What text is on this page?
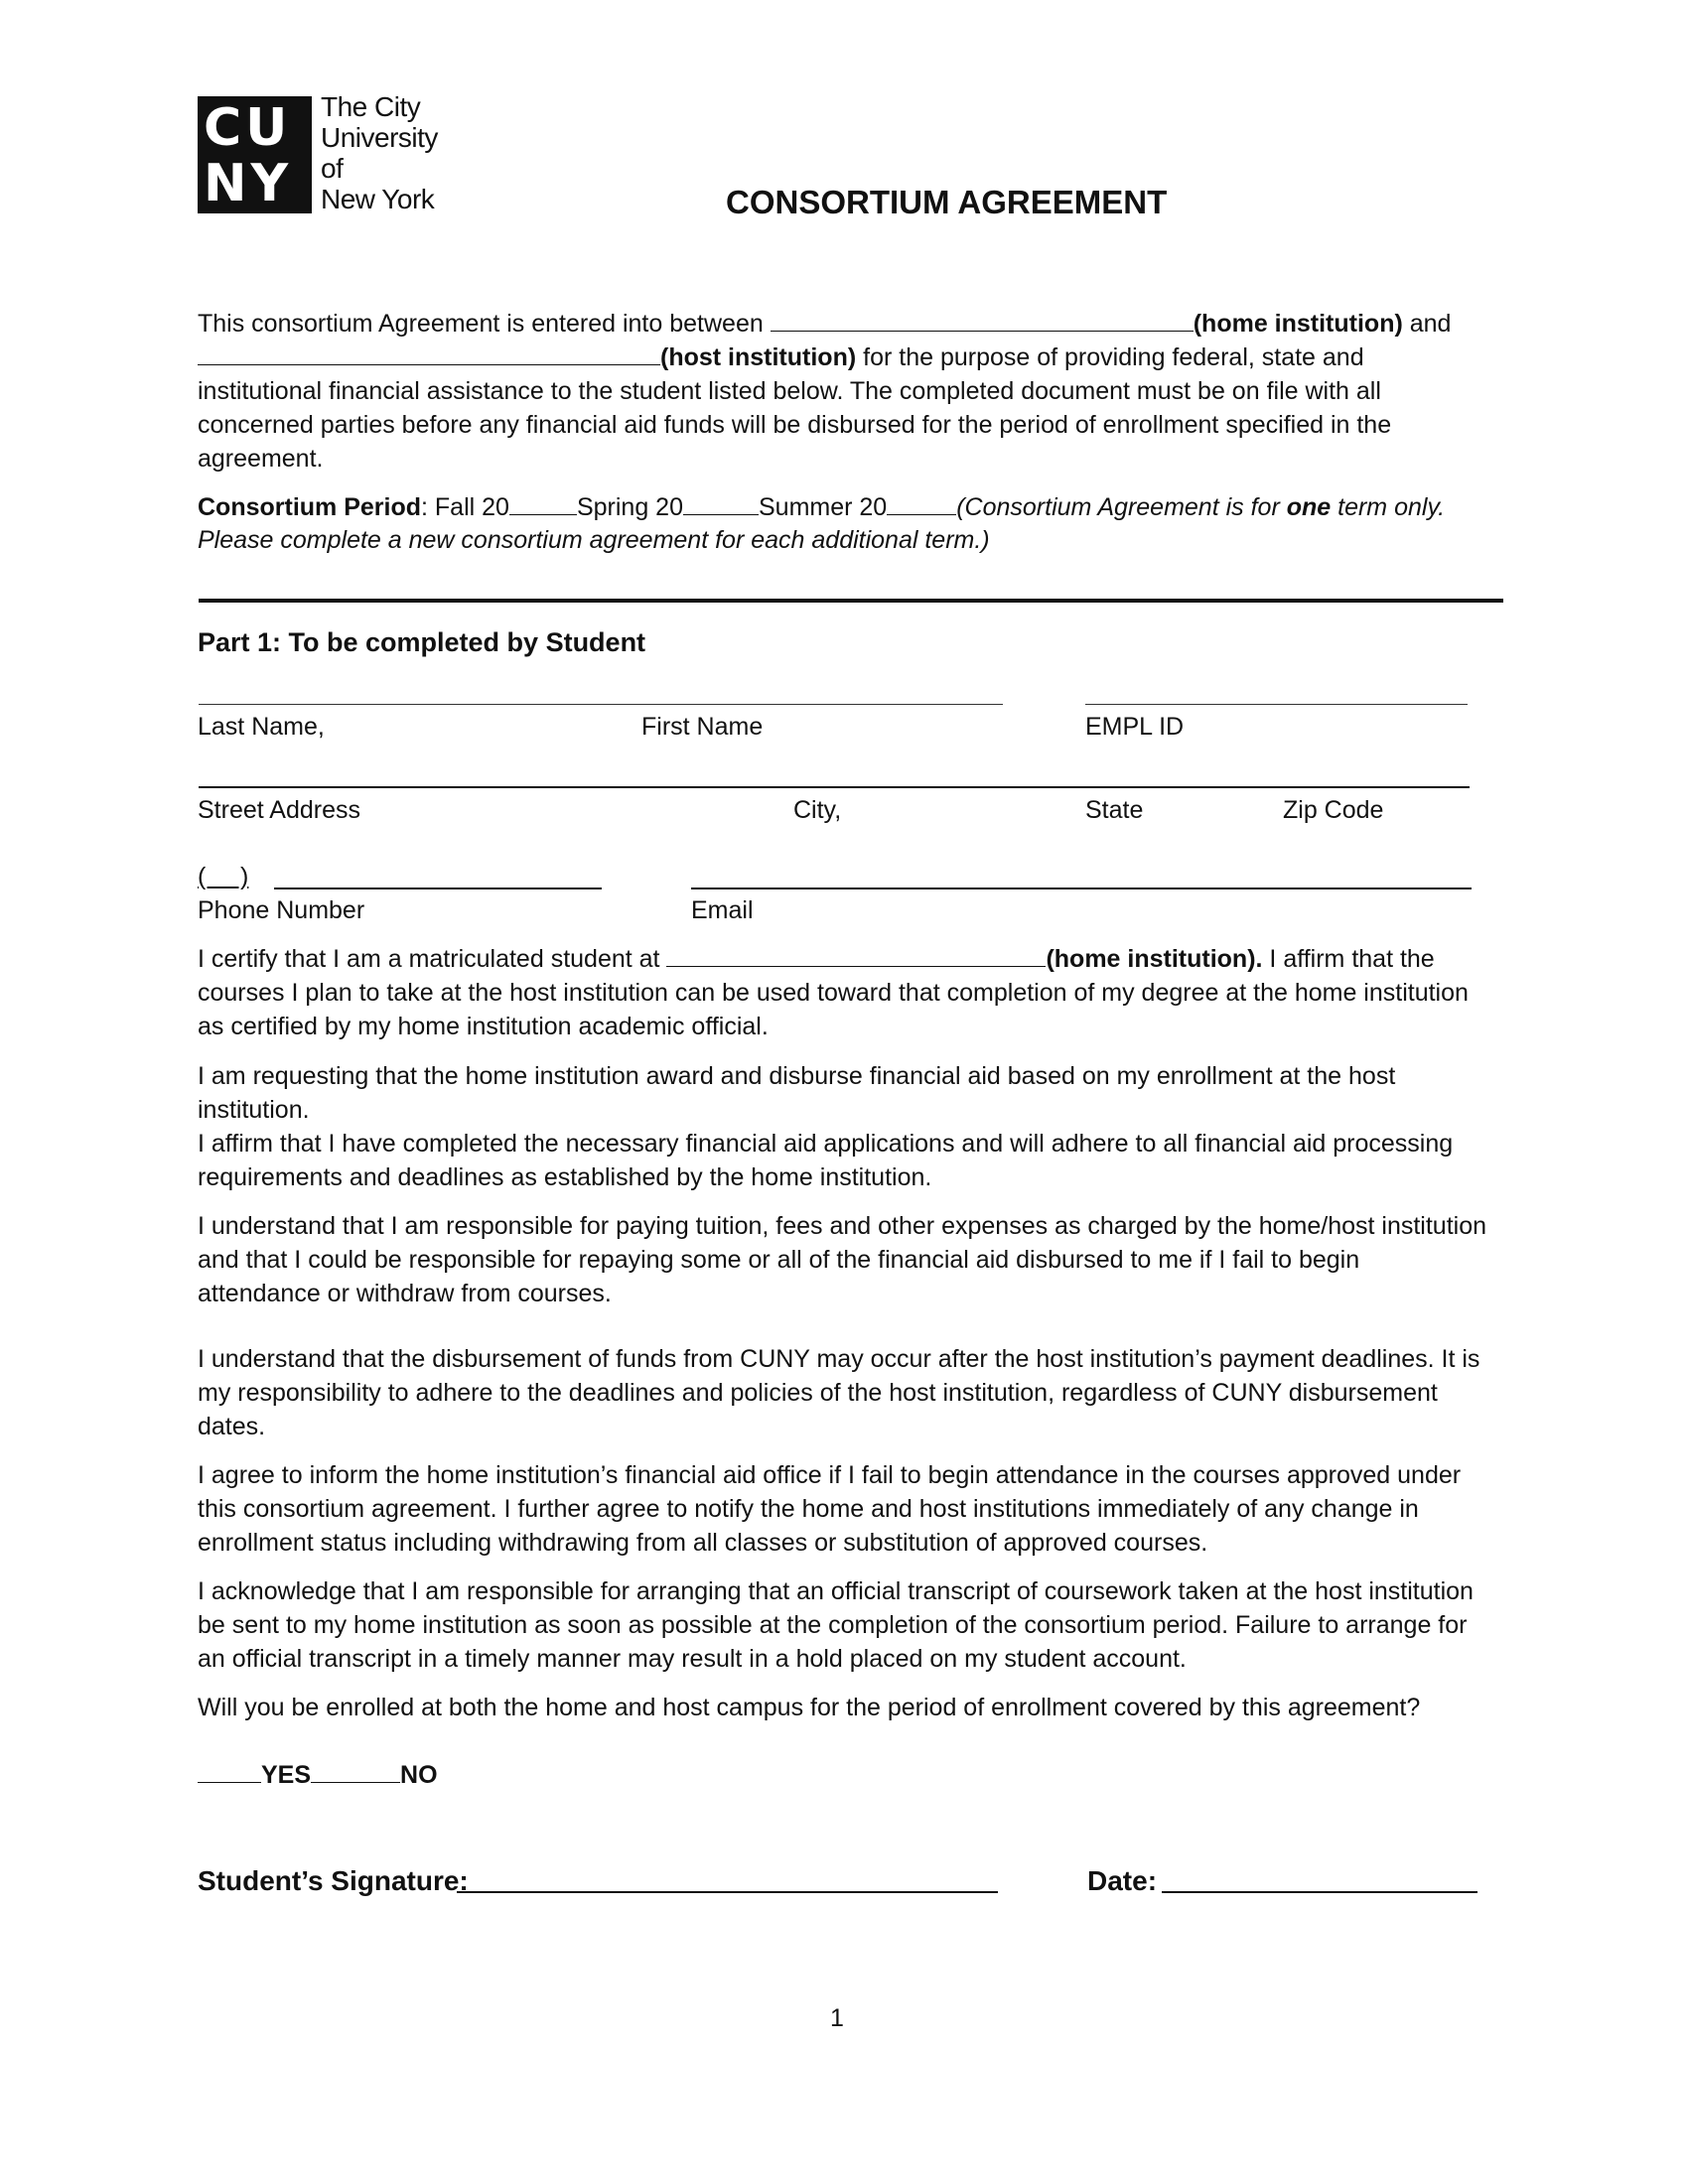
CU
NY
The City
University
of
New York	CONSORTIUM AGREEMENT
This consortium Agreement is entered into between	(home institution) and
(host institution) for the purpose of providing federal, state and
institutional financial assistance to the student listed below. The completed document must be on file with all concerned parties before any financial aid funds will be disbursed for the period of enrollment specified in the agreement.
Consortium Period: Fall 20	Spring 20	Summer 20	(Consortium Agreement is for one term only.
Please complete a new consortium agreement for each additional term.)
Part 1: To be completed by Student
Last Name,	First Name	EMPL ID
Street Address	City,	State	Zip Code
(     )
Phone Number	Email
I certify that I am a matriculated student at	(home institution). I affirm that the
courses I plan to take at the host institution can be used toward that completion of my degree at the home institution as certified by my home institution academic official.
I am requesting that the home institution award and disburse financial aid based on my enrollment at the host institution.
I affirm that I have completed the necessary financial aid applications and will adhere to all financial aid processing requirements and deadlines as established by the home institution.
I understand that I am responsible for paying tuition, fees and other expenses as charged by the home/host institution and that I could be responsible for repaying some or all of the financial aid disbursed to me if I fail to begin attendance or withdraw from courses.
I understand that the disbursement of funds from CUNY may occur after the host institution’s payment deadlines. It is my responsibility to adhere to the deadlines and policies of the host institution, regardless of CUNY disbursement dates.
I agree to inform the home institution’s financial aid office if I fail to begin attendance in the courses approved under this consortium agreement. I further agree to notify the home and host institutions immediately of any change in enrollment status including withdrawing from all classes or substitution of approved courses.
I acknowledge that I am responsible for arranging that an official transcript of coursework taken at the host institution be sent to my home institution as soon as possible at the completion of the consortium period. Failure to arrange for an official transcript in a timely manner may result in a hold placed on my student account.
Will you be enrolled at both the home and host campus for the period of enrollment covered by this agreement?
YES	NO
Student’s Signature:	Date:
1
